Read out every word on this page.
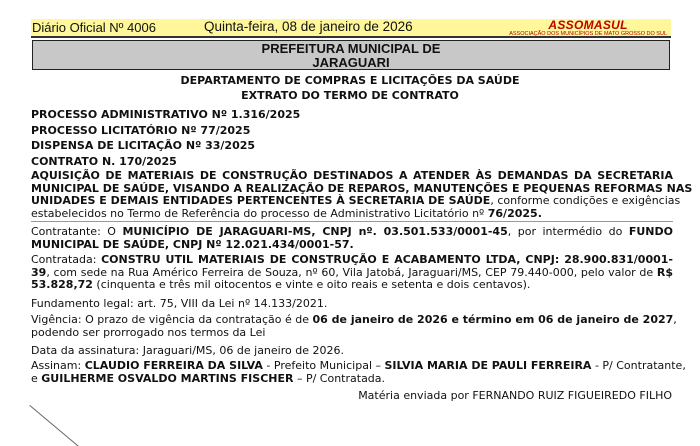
Diário Oficial Nº 4006	Quinta-feira, 08 de janeiro de 2026	ASSOMASUL
ASSOCIAÇÃO DOS MUNICÍPIOS DE MATO GROSSO DO SUL
PREFEITURA MUNICIPAL DE
JARAGUARI
DEPARTAMENTO DE COMPRAS E LICITAÇÕES DA SAÚDE
EXTRATO DO TERMO DE CONTRATO
PROCESSO ADMINISTRATIVO Nº 1.316/2025
PROCESSO LICITATÓRIO Nº 77/2025
DISPENSA DE LICITAÇÃO Nº 33/2025
CONTRATO N. 170/2025
AQUISIÇÃO DE MATERIAIS DE CONSTRUÇÃO DESTINADOS A ATENDER ÀS DEMANDAS DA SECRETARIA
MUNICIPAL DE SAÚDE, VISANDO A REALIZAÇÃO DE REPAROS, MANUTENÇÕES E PEQUENAS REFORMAS NAS
UNIDADES E DEMAIS ENTIDADES PERTENCENTES À SECRETARIA DE SAÚDE, conforme condições e exigências
estabelecidos no Termo de Referência do processo de Administrativo Licitatório nº 76/2025.
Contratante: O MUNICÍPIO DE JARAGUARI-MS, CNPJ nº. 03.501.533/0001-45, por intermédio do FUNDO
MUNICIPAL DE SAÚDE, CNPJ Nº 12.021.434/0001-57.
Contratada: CONSTRU UTIL MATERIAIS DE CONSTRUÇÃO E ACABAMENTO LTDA, CNPJ: 28.900.831/0001-
39, com sede na Rua Américo Ferreira de Souza, nº 60, Vila Jatobá, Jaraguari/MS, CEP 79.440-000, pelo valor de R$
53.828,72 (cinquenta e três mil oitocentos e vinte e oito reais e setenta e dois centavos).
Fundamento legal: art. 75, VIII da Lei nº 14.133/2021.
Vigência: O prazo de vigência da contratação é de 06 de janeiro de 2026 e término em 06 de janeiro de 2027,
podendo ser prorrogado nos termos da Lei
Data da assinatura: Jaraguari/MS, 06 de janeiro de 2026.
Assinam: CLAUDIO FERREIRA DA SILVA - Prefeito Municipal – SILVIA MARIA DE PAULI FERREIRA - P/ Contratante,
e GUILHERME OSVALDO MARTINS FISCHER – P/ Contratada.
Matéria enviada por FERNANDO RUIZ FIGUEIREDO FILHO
